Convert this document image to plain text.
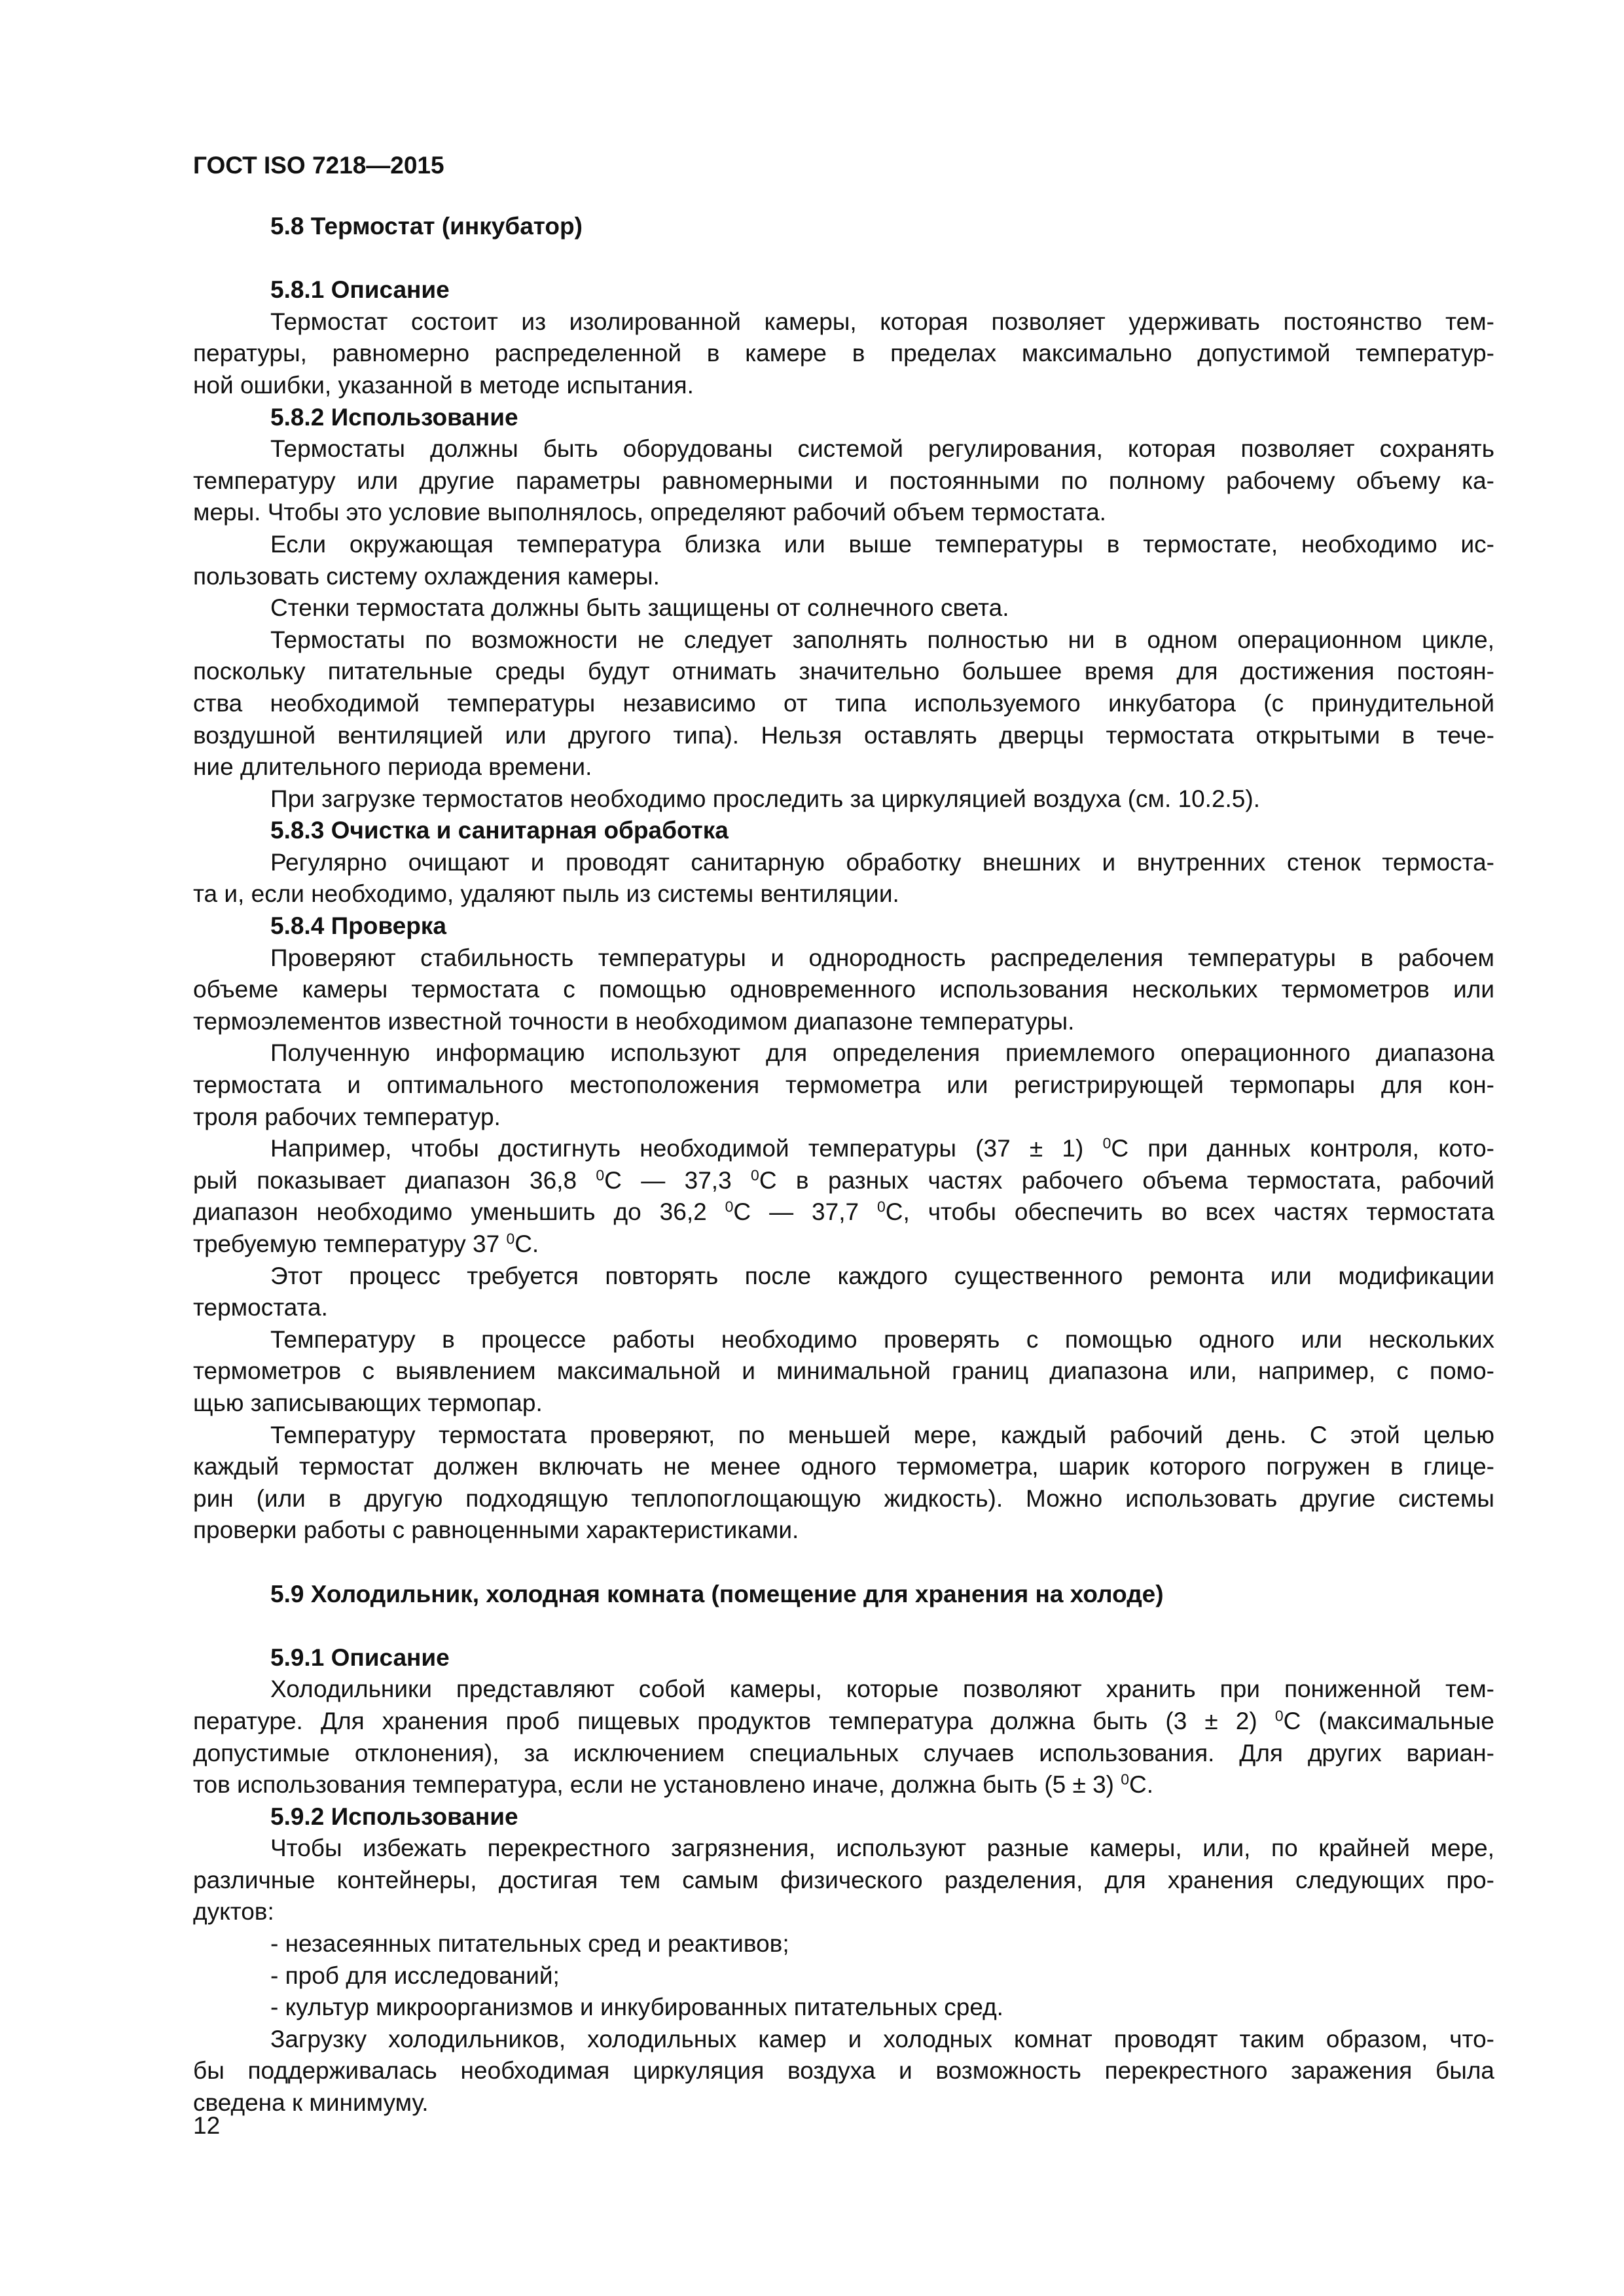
ГОСТ ISO 7218—2015
5.8 Термостат (инкубатор)
5.8.1 Описание
Термостат состоит из изолированной камеры, которая позволяет удерживать постоянство тем-
пературы, равномерно распределенной в камере в пределах максимально допустимой температур-
ной ошибки, указанной в методе испытания.
5.8.2 Использование
Термостаты должны быть оборудованы системой регулирования, которая позволяет сохранять
температуру или другие параметры равномерными и постоянными по полному рабочему объему ка-
меры. Чтобы это условие выполнялось, определяют рабочий объем термостата.
Если окружающая температура близка или выше температуры в термостате, необходимо ис-
пользовать систему охлаждения камеры.
Стенки термостата должны быть защищены от солнечного света.
Термостаты по возможности не следует заполнять полностью ни в одном операционном цикле,
поскольку питательные среды будут отнимать значительно большее время для достижения постоян-
ства необходимой температуры независимо от типа используемого инкубатора (с принудительной
воздушной вентиляцией или другого типа). Нельзя оставлять дверцы термостата открытыми в тече-
ние длительного периода времени.
При загрузке термостатов необходимо проследить за циркуляцией воздуха (см. 10.2.5).
5.8.3 Очистка и санитарная обработка
Регулярно очищают и проводят санитарную обработку внешних и внутренних стенок термоста-
та и, если необходимо, удаляют пыль из системы вентиляции.
5.8.4 Проверка
Проверяют стабильность температуры и однородность распределения температуры в рабочем
объеме камеры термостата с помощью одновременного использования нескольких термометров или
термоэлементов известной точности в необходимом диапазоне температуры.
Полученную информацию используют для определения приемлемого операционного диапазона
термостата и оптимального местоположения термометра или регистрирующей термопары для кон-
троля рабочих температур.
Например, чтобы достигнуть необходимой температуры (37 ± 1) $^0$С при данных контроля, кото-
рый показывает диапазон 36,8 $^0$С — 37,3 $^0$С в разных частях рабочего объема термостата, рабочий
диапазон необходимо уменьшить до 36,2 $^0$С — 37,7 $^0$С, чтобы обеспечить во всех частях термостата
требуемую температуру 37 $^0$С.
Этот процесс требуется повторять после каждого существенного ремонта или модификации
термостата.
Температуру в процессе работы необходимо проверять с помощью одного или нескольких
термометров с выявлением максимальной и минимальной границ диапазона или, например, с помо-
щью записывающих термопар.
Температуру термостата проверяют, по меньшей мере, каждый рабочий день. С этой целью
каждый термостат должен включать не менее одного термометра, шарик которого погружен в глице-
рин (или в другую подходящую теплопоглощающую жидкость). Можно использовать другие системы
проверки работы с равноценными характеристиками.
5.9 Холодильник, холодная комната (помещение для хранения на холоде)
5.9.1 Описание
Холодильники представляют собой камеры, которые позволяют хранить при пониженной тем-
пературе. Для хранения проб пищевых продуктов температура должна быть (3 ± 2) $^0$С (максимальные
допустимые отклонения), за исключением специальных случаев использования. Для других вариан-
тов использования температура, если не установлено иначе, должна быть (5 ± 3) $^0$С.
5.9.2 Использование
Чтобы избежать перекрестного загрязнения, используют разные камеры, или, по крайней мере,
различные контейнеры, достигая тем самым физического разделения, для хранения следующих про-
дуктов:
- незасеянных питательных сред и реактивов;
- проб для исследований;
- культур микроорганизмов и инкубированных питательных сред.
Загрузку холодильников, холодильных камер и холодных комнат проводят таким образом, что-
бы поддерживалась необходимая циркуляция воздуха и возможность перекрестного заражения была
сведена к минимуму.
12
